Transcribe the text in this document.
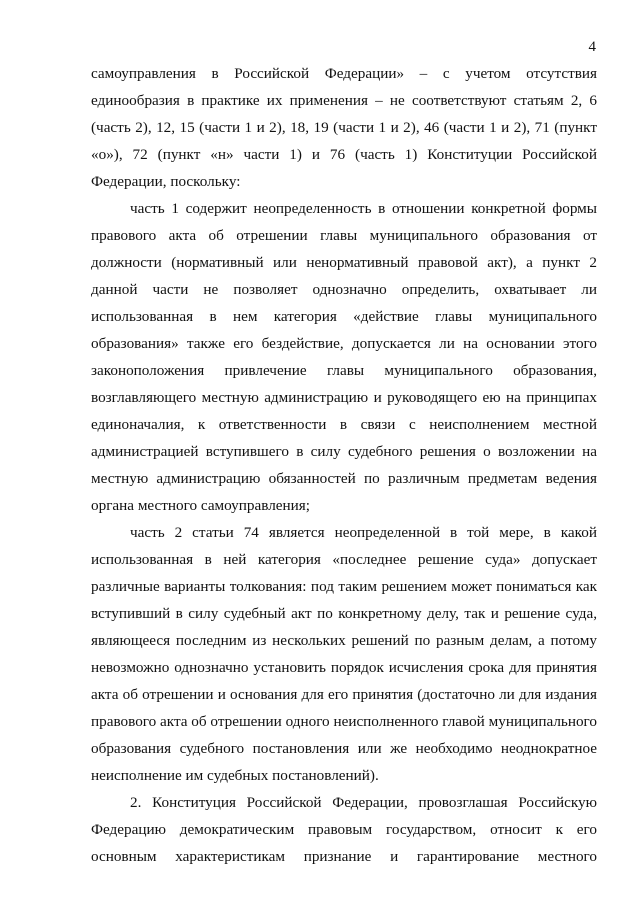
4

самоуправления в Российской Федерации» – с учетом отсутствия единообразия в практике их применения – не соответствуют статьям 2, 6 (часть 2), 12, 15 (части 1 и 2), 18, 19 (части 1 и 2), 46 (части 1 и 2), 71 (пункт «о»), 72 (пункт «н» части 1) и 76 (часть 1) Конституции Российской Федерации, поскольку:

часть 1 содержит неопределенность в отношении конкретной формы правового акта об отрешении главы муниципального образования от должности (нормативный или ненормативный правовой акт), а пункт 2 данной части не позволяет однозначно определить, охватывает ли использованная в нем категория «действие главы муниципального образования» также его бездействие, допускается ли на основании этого законоположения привлечение главы муниципального образования, возглавляющего местную администрацию и руководящего ею на принципах единоначалия, к ответственности в связи с неисполнением местной администрацией вступившего в силу судебного решения о возложении на местную администрацию обязанностей по различным предметам ведения органа местного самоуправления;

часть 2 статьи 74 является неопределенной в той мере, в какой использованная в ней категория «последнее решение суда» допускает различные варианты толкования: под таким решением может пониматься как вступивший в силу судебный акт по конкретному делу, так и решение суда, являющееся последним из нескольких решений по разным делам, а потому невозможно однозначно установить порядок исчисления срока для принятия акта об отрешении и основания для его принятия (достаточно ли для издания правового акта об отрешении одного неисполненного главой муниципального образования судебного постановления или же необходимо неоднократное неисполнение им судебных постановлений).

2. Конституция Российской Федерации, провозглашая Российскую Федерацию демократическим правовым государством, относит к его основным характеристикам признание и гарантирование местного
